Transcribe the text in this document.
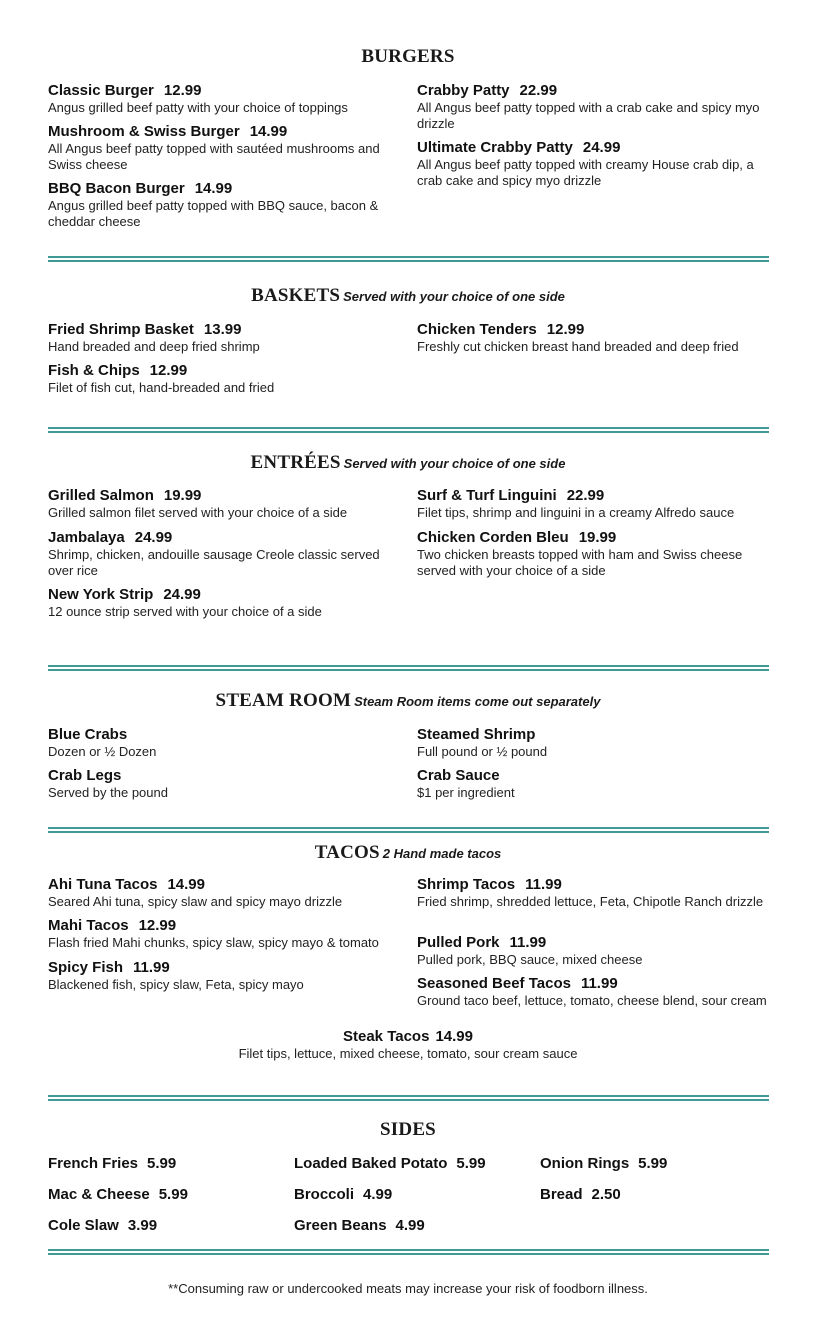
BURGERS
Classic Burger 12.99
Angus grilled beef patty with your choice of toppings
Mushroom & Swiss Burger 14.99
All Angus beef patty topped with sautéed mushrooms and Swiss cheese
BBQ Bacon Burger 14.99
Angus grilled beef patty topped with BBQ sauce, bacon & cheddar cheese
Crabby Patty 22.99
All Angus beef patty topped with a crab cake and spicy myo drizzle
Ultimate Crabby Patty 24.99
All Angus beef patty topped with creamy House crab dip, a crab cake and spicy myo drizzle
BASKETS Served with your choice of one side
Fried Shrimp Basket 13.99
Hand breaded and deep fried shrimp
Fish & Chips 12.99
Filet of fish cut, hand-breaded and fried
Chicken Tenders 12.99
Freshly cut chicken breast hand breaded and deep fried
ENTRÉES Served with your choice of one side
Grilled Salmon 19.99
Grilled salmon filet served with your choice of a side
Jambalaya 24.99
Shrimp, chicken, andouille sausage Creole classic served over rice
New York Strip 24.99
12 ounce strip served with your choice of a side
Surf & Turf Linguini 22.99
Filet tips, shrimp and linguini in a creamy Alfredo sauce
Chicken Corden Bleu 19.99
Two chicken breasts topped with ham and Swiss cheese served with your choice of a side
STEAM ROOM Steam Room items come out separately
Blue Crabs
Dozen or ½ Dozen
Crab Legs
Served by the pound
Steamed Shrimp
Full pound or ½ pound
Crab Sauce
$1 per ingredient
TACOS 2 Hand made tacos
Ahi Tuna Tacos 14.99
Seared Ahi tuna, spicy slaw and spicy mayo drizzle
Mahi Tacos 12.99
Flash fried Mahi chunks, spicy slaw, spicy mayo & tomato
Spicy Fish 11.99
Blackened fish, spicy slaw, Feta, spicy mayo
Shrimp Tacos 11.99
Fried shrimp, shredded lettuce, Feta, Chipotle Ranch drizzle
Pulled Pork 11.99
Pulled pork, BBQ sauce, mixed cheese
Seasoned Beef Tacos 11.99
Ground taco beef, lettuce, tomato, cheese blend, sour cream
Steak Tacos 14.99
Filet tips, lettuce, mixed cheese, tomato, sour cream sauce
SIDES
French Fries 5.99
Mac & Cheese 5.99
Cole Slaw 3.99
Loaded Baked Potato 5.99
Broccoli 4.99
Green Beans 4.99
Onion Rings 5.99
Bread 2.50
**Consuming raw or undercooked meats may increase your risk of foodborn illness.
